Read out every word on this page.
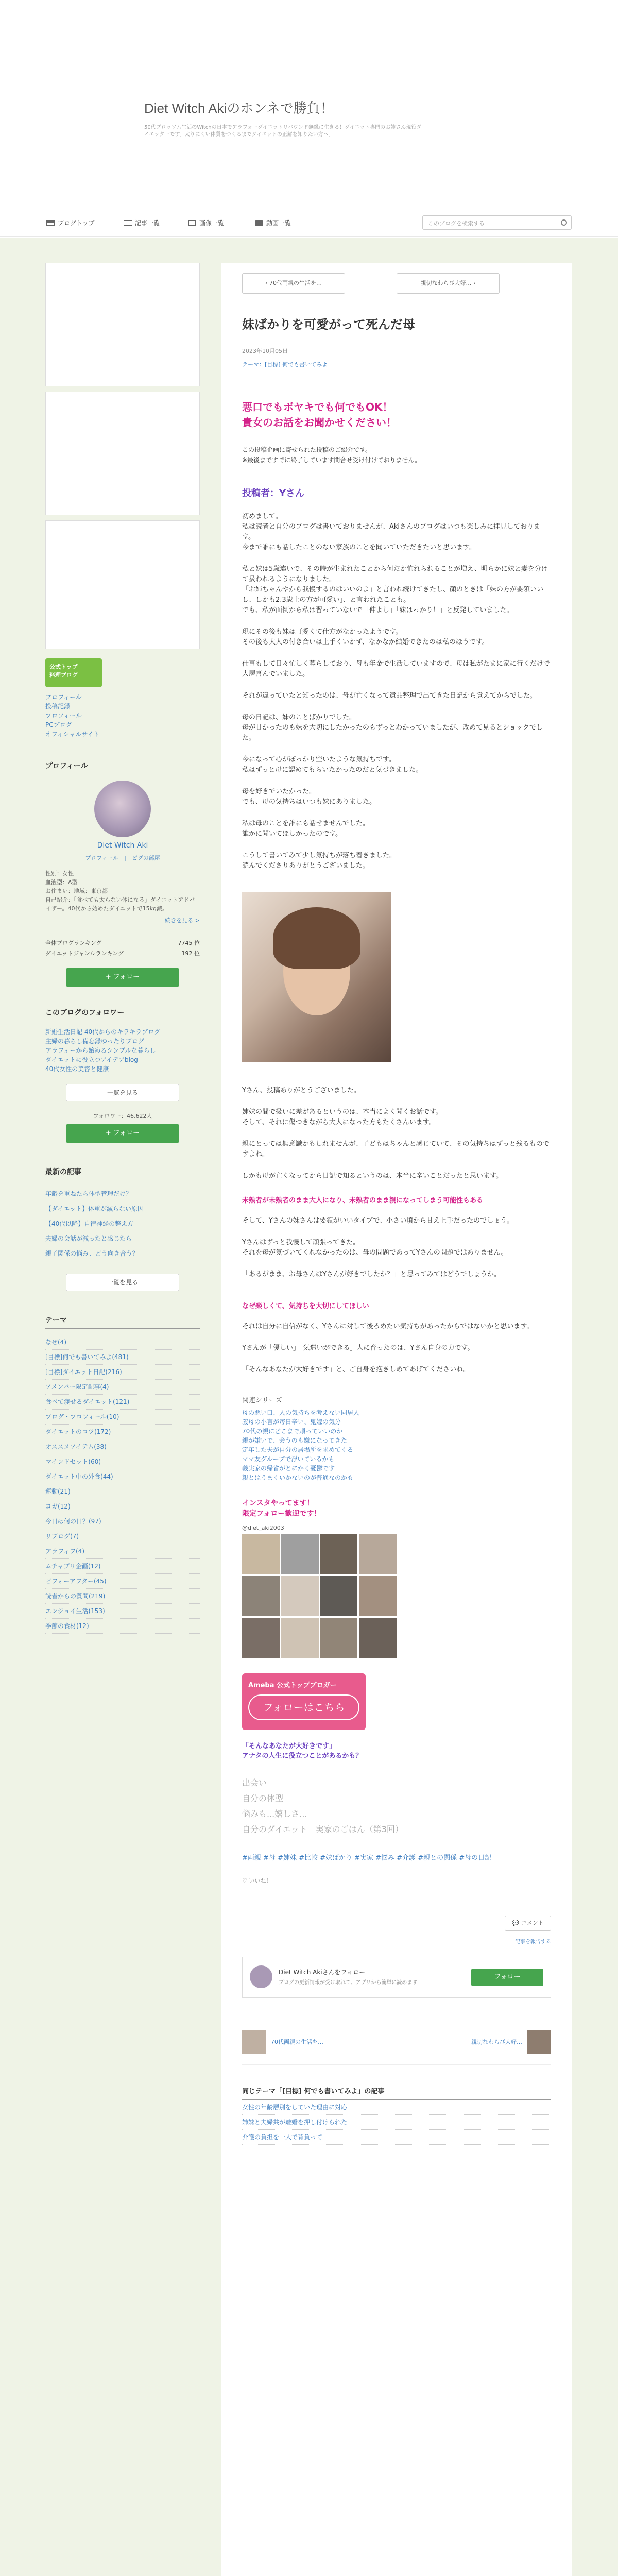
Diet Witch Akiのホンネで勝負！
50代ブロッソム生活のWitchの日本でアラフォーダイエットリバウンド無縁に生きる！ダイエット専門のお姉さん現役ダイエッターです。太りにくい体質をつくるまでダイエットの正解を知りたい方へ。
ブログトップ	記事一覧	画像一覧	動画一覧	このブログを検索する
公式トップ
料理ブログ
プロフィール
投稿記録
プロフィール
PCブログ
オフィシャルサイト
プロフィール
Diet Witch Aki
プロフィール　|　ピグの部屋
性別：女性
血液型：A型
お住まい：地域：東京都
自己紹介：「食べても太らない体になる」ダイエットアドバイザー。40代から始めたダイエットで15kg減。
続きを見る >
全体ブログランキング	7745 位
ダイエットジャンルランキング	192 位
+ フォロー
このブログのフォロワー
新婚生活日記 40代からのキラキラブログ
主婦の暮らし備忘録ゆったりブログ
アラフォーから始めるシンプルな暮らし
ダイエットに役立つアイデアblog
40代女性の美容と健康
一覧を見る
フォロワー：46,622人
+ フォロー
最新の記事
年齢を重ねたら体型管理だけ？
【ダイエット】体重が減らない原因
【40代以降】自律神経の整え方
夫婦の会話が減ったと感じたら
親子関係の悩み、どう向き合う？
一覧を見る
テーマ
なぜ(4)
[目標]何でも書いてみよ(481)
[目標]ダイエット日記(216)
アメンバー限定記事(4)
食べて痩せるダイエット(121)
ブログ・プロフィール(10)
ダイエットのコツ(172)
オススメアイテム(38)
マインドセット(60)
ダイエット中の外食(44)
運動(21)
ヨガ(12)
今日は何の日？(97)
リブログ(7)
アラフィフ(4)
ムチャブリ企画(12)
ビフォーアフター(45)
読者からの質問(219)
エンジョイ生活(153)
季節の食材(12)
‹ 70代両親の生活を…	親切なわらび大好… ›
妹ばかりを可愛がって死んだ母
2023年10月05日
テーマ：[目標] 何でも書いてみよ
悪口でもボヤキでも何でもOK！
貴女のお話をお聞かせください！
この投稿企画に寄せられた投稿のご紹介です。
※最後まですでに終了しています問合せ受け付けておりません。
投稿者：Yさん
初めまして。
私は読者と自分のブログは書いておりませんが、Akiさんのブログはいつも楽しみに拝見しております。
今まで誰にも話したことのない家族のことを聞いていただきたいと思います。
私と妹は5歳違いで、その時が生まれたことから何だか怖れられることが増え、明らかに妹と妻を分けて扱われるようになりました。
「お姉ちゃんやから我慢するのはいいのよ」と言われ続けてきたし、顔のときは「妹の方が要領いいし、しかも2.3歳上の方が可愛い」、と言われたことも。
でも、私が面倒から私は習っていないで「仲よし」「妹はっかり！」と反発していました。
現にその後も妹は可愛くて仕方がなかったようです。
その後も大人の付き合いは上手くいかず、なかなか結婚できたのは私のほうです。
仕事もして日々忙しく暮らしており、母も年金で生活していますので、母は私がたまに家に行くだけで大層喜んでいました。
それが違っていたと知ったのは、母が亡くなって遺品整理で出てきた日記から覚えてからでした。
母の日記は、妹のことばかりでした。
母が甘かったのも妹を大切にしたかったのもずっとわかっていましたが、改めて見るとショックでした。
今になって心がぽっかり空いたような気持ちです。
私はずっと母に認めてもらいたかったのだと気づきました。
母を好きでいたかった。
でも、母の気持ちはいつも妹にありました。
私は母のことを誰にも話せませんでした。
誰かに聞いてほしかったのです。
こうして書いてみて少し気持ちが落ち着きました。
読んでくださりありがとうございました。
Yさん、投稿ありがとうございました。
姉妹の間で扱いに差があるというのは、本当によく聞くお話です。
そして、それに傷つきながら大人になった方もたくさんいます。
親にとっては無意識かもしれませんが、子どもはちゃんと感じていて、その気持ちはずっと残るものですよね。
しかも母が亡くなってから日記で知るというのは、本当に辛いことだったと思います。
未熟者が未熟者のまま大人になり、未熟者のまま親になってしまう可能性もある
そして、Yさんの妹さんは要領がいいタイプで、小さい頃から甘え上手だったのでしょう。
Yさんはずっと我慢して頑張ってきた。
それを母が気づいてくれなかったのは、母の問題であってYさんの問題ではありません。
「あるがまま、お母さんはYさんが好きでしたか？」と思ってみてはどうでしょうか。
なぜ楽しくて、気持ちを大切にしてほしい
それは自分に自信がなく、Yさんに対して後ろめたい気持ちがあったからではないかと思います。
Yさんが「優しい」「気遣いができる」人に育ったのは、Yさん自身の力です。
「そんなあなたが大好きです」と、ご自身を抱きしめてあげてくださいね。
関連シリーズ
母の悪い口、人の気持ちを考えない同居人
義母の小言が毎日辛い、鬼嫁の気分
70代の親にどこまで頼っていいのか
親が嫌いで、会うのも嫌になってきた
定年した夫が自分の居場所を求めてくる
ママ友グループで浮いているかも
義実家の帰省がとにかく憂鬱です
親とはうまくいかないのが普通なのかも
インスタやってます！
限定フォロー歓迎です！
@diet_aki2003
Ameba 公式トップブロガー
フォローはこちら
「そんなあなたが大好きです」
アナタの人生に役立つことがあるかも？
出会い
自分の体型
悩みも...嬉しさ...
自分のダイエット　実家のごはん（第3回）
#両親 #母 #姉妹 #比較 #妹ばかり #実家 #悩み #介護 #親との関係 #母の日記
♡ いいね！
💬 コメント
記事を報告する
Diet Witch Akiさんをフォロー
ブログの更新情報が受け取れて、アプリから簡単に読めます
フォロー
70代両親の生活を…	親切なわらび大好…
同じテーマ「[目標] 何でも書いてみよ」の記事
女性の年齢層別をしていた理由に対応
姉妹と夫婦共が離婚を押し付けられた
介護の負担を一人で背負って
